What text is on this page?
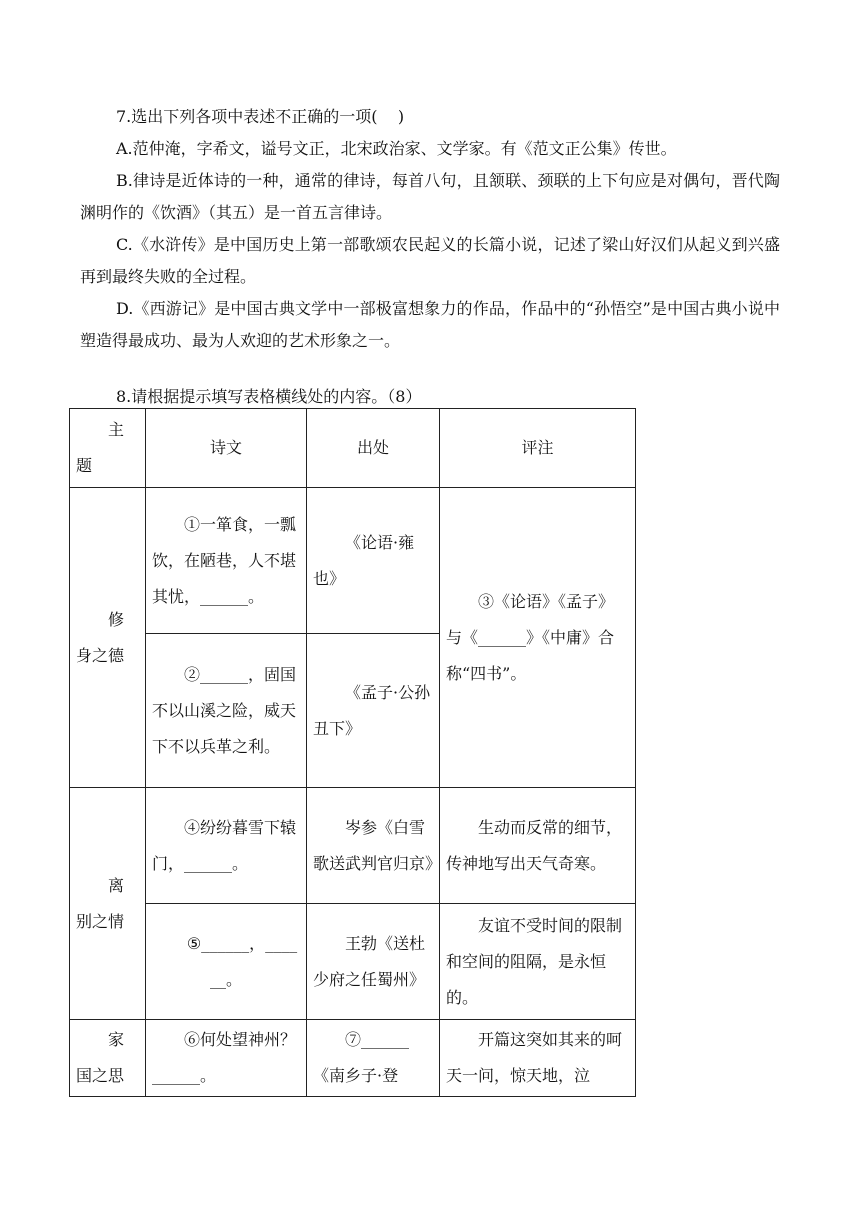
7.选出下列各项中表述不正确的一项(    )
A.范仲淹，字希文，谥号文正，北宋政治家、文学家。有《范文正公集》传世。
B.律诗是近体诗的一种，通常的律诗，每首八句，且颔联、颈联的上下句应是对偶句，晋代陶渊明作的《饮酒》（其五）是一首五言律诗。
C.《水浒传》是中国历史上第一部歌颂农民起义的长篇小说，记述了梁山好汉们从起义到兴盛再到最终失败的全过程。
D.《西游记》是中国古典文学中一部极富想象力的作品，作品中的“孙悟空”是中国古典小说中塑造得最成功、最为人欢迎的艺术形象之一。
8.请根据提示填写表格横线处的内容。（8）
主题	诗文	出处	评注
修身之德	①一箪食，一瓢饮，在陋巷，人不堪其忧，______。	《论语·雍也》	③《论语》《孟子》与《______》《中庸》合称“四书”。
	②______，固国不以山溪之险，威天下不以兵革之利。	《孟子·公孙丑下》	
离别之情	④纷纷暮雪下辕门，______。	岑参《白雪歌送武判官归京》	生动而反常的细节，传神地写出天气奇寒。
	⑤______，______。	王勃《送杜少府之任蜀州》	友谊不受时间的限制和空间的阻隔，是永恒的。
家国之思	⑥何处望神州？______。	⑦______《南乡子·登	开篇这突如其来的呵天一问，惊天地，泣
